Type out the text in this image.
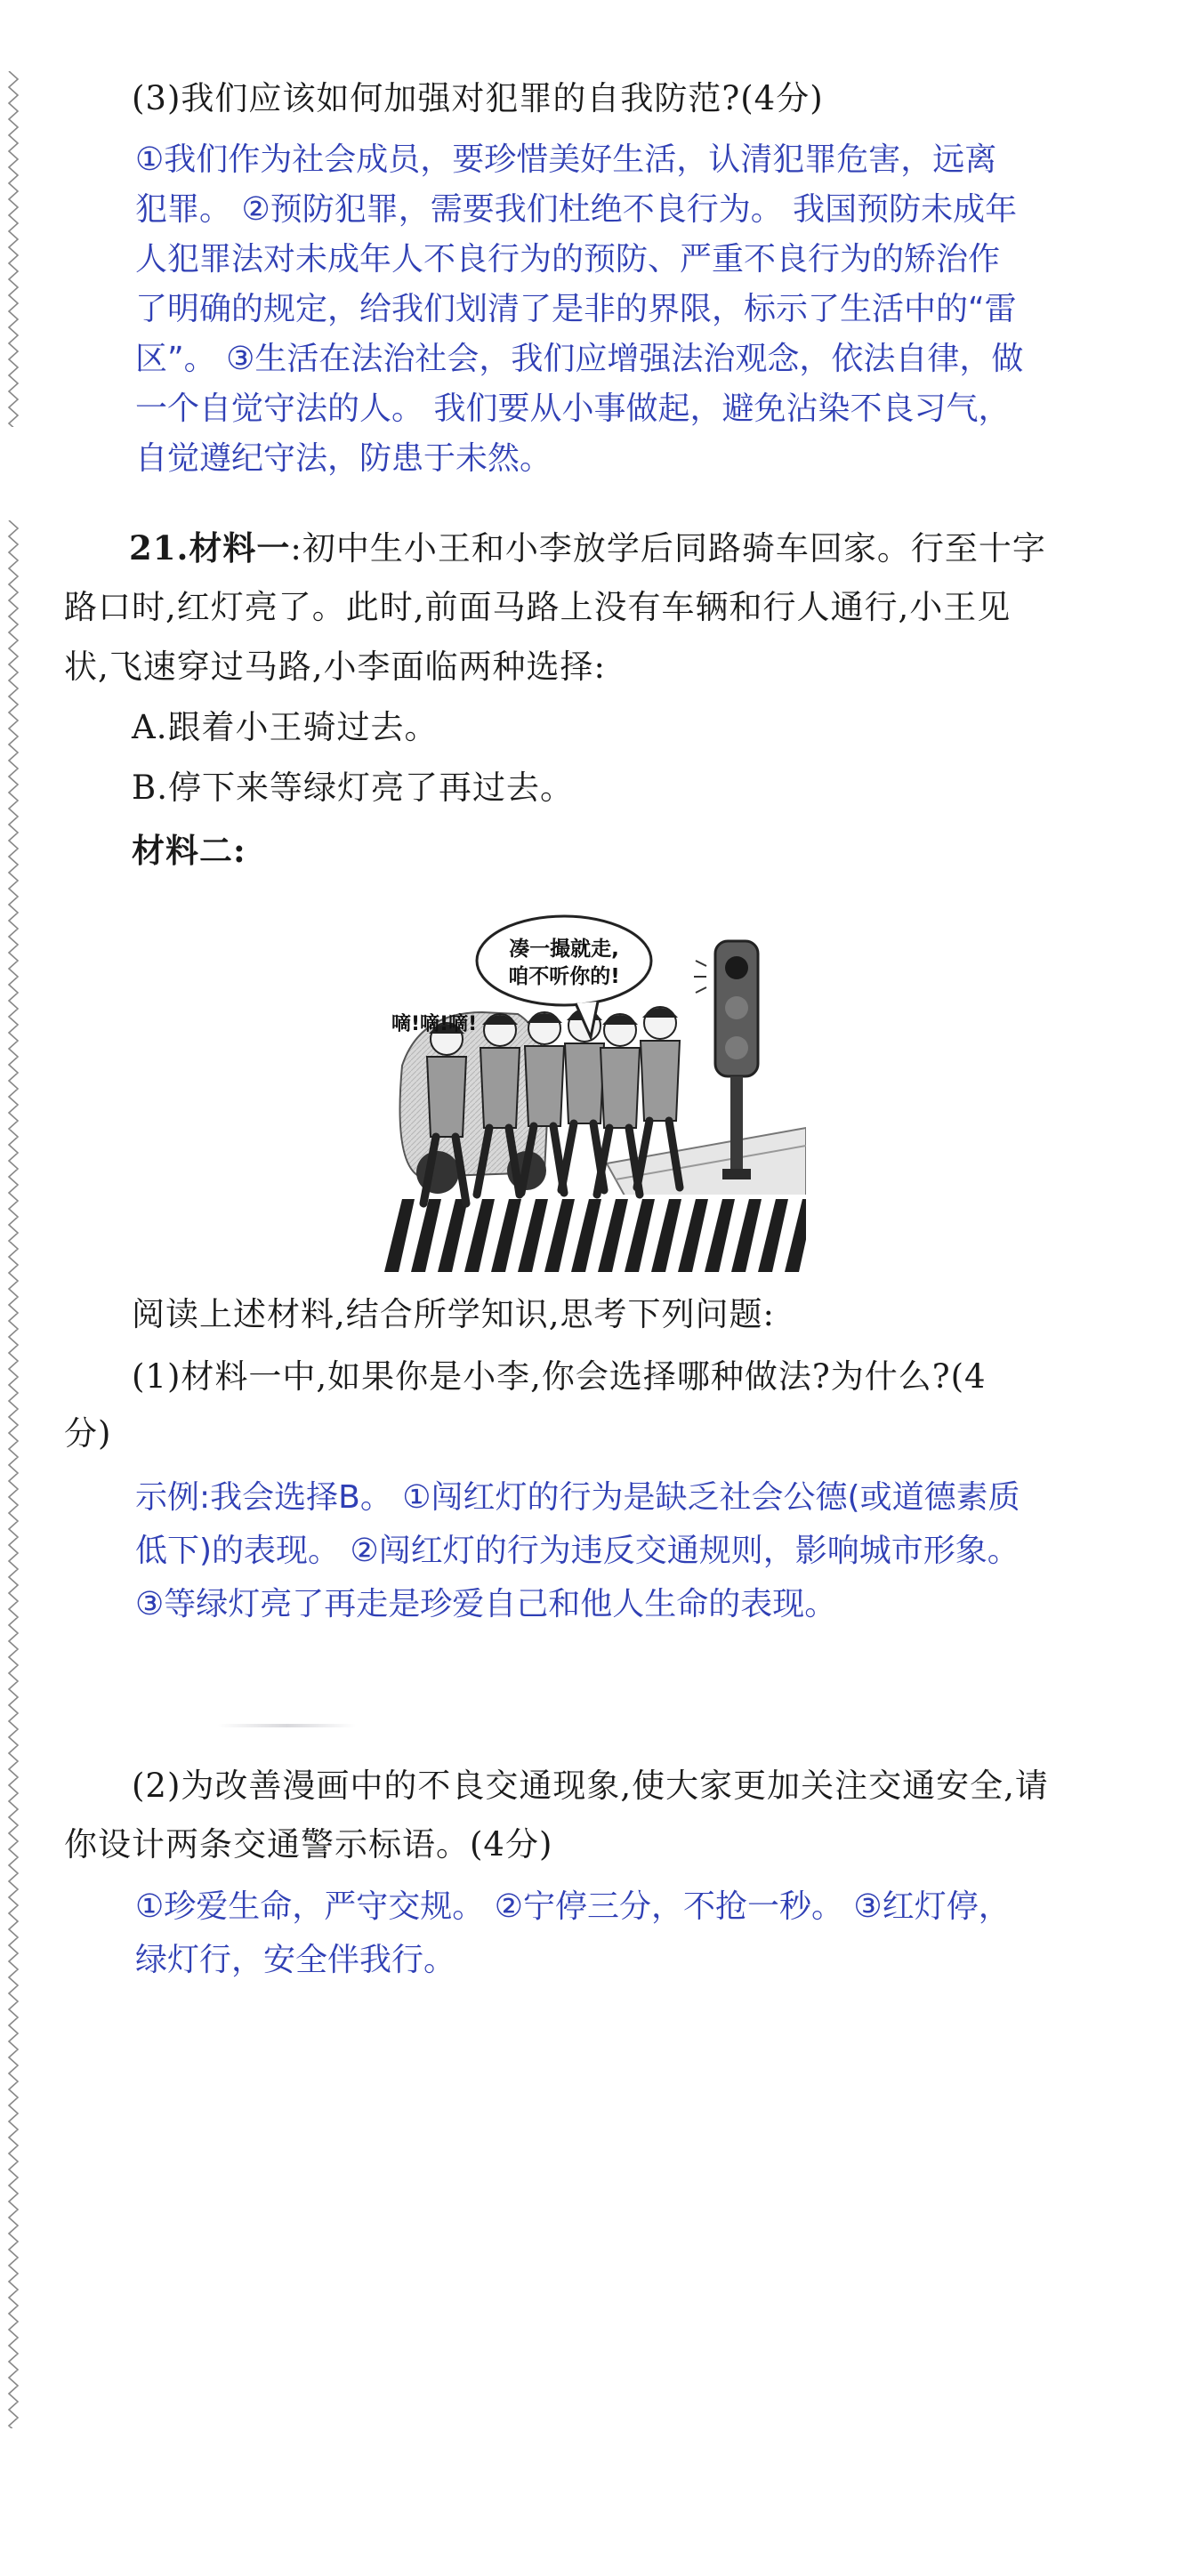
(3)我们应该如何加强对犯罪的自我防范?(4分)
①我们作为社会成员，要珍惜美好生活，认清犯罪危害，远离
犯罪。 ②预防犯罪，需要我们杜绝不良行为。 我国预防未成年
人犯罪法对未成年人不良行为的预防、严重不良行为的矫治作
了明确的规定，给我们划清了是非的界限，标示了生活中的“雷
区”。 ③生活在法治社会，我们应增强法治观念，依法自律，做
一个自觉守法的人。 我们要从小事做起，避免沾染不良习气，
自觉遵纪守法，防患于未然。
21.材料一:初中生小王和小李放学后同路骑车回家。行至十字
路口时,红灯亮了。此时,前面马路上没有车辆和行人通行,小王见
状,飞速穿过马路,小李面临两种选择:
A.跟着小王骑过去。
B.停下来等绿灯亮了再过去。
材料二:
凑一撮就走,
咱不听你的!
嘀!嘀!嘀!
阅读上述材料,结合所学知识,思考下列问题:
(1)材料一中,如果你是小李,你会选择哪种做法?为什么?(4
分)
示例:我会选择B。 ①闯红灯的行为是缺乏社会公德(或道德素质
低下)的表现。 ②闯红灯的行为违反交通规则，影响城市形象。
③等绿灯亮了再走是珍爱自己和他人生命的表现。
(2)为改善漫画中的不良交通现象,使大家更加关注交通安全,请
你设计两条交通警示标语。(4分)
①珍爱生命，严守交规。 ②宁停三分，不抢一秒。 ③红灯停，
绿灯行，安全伴我行。
